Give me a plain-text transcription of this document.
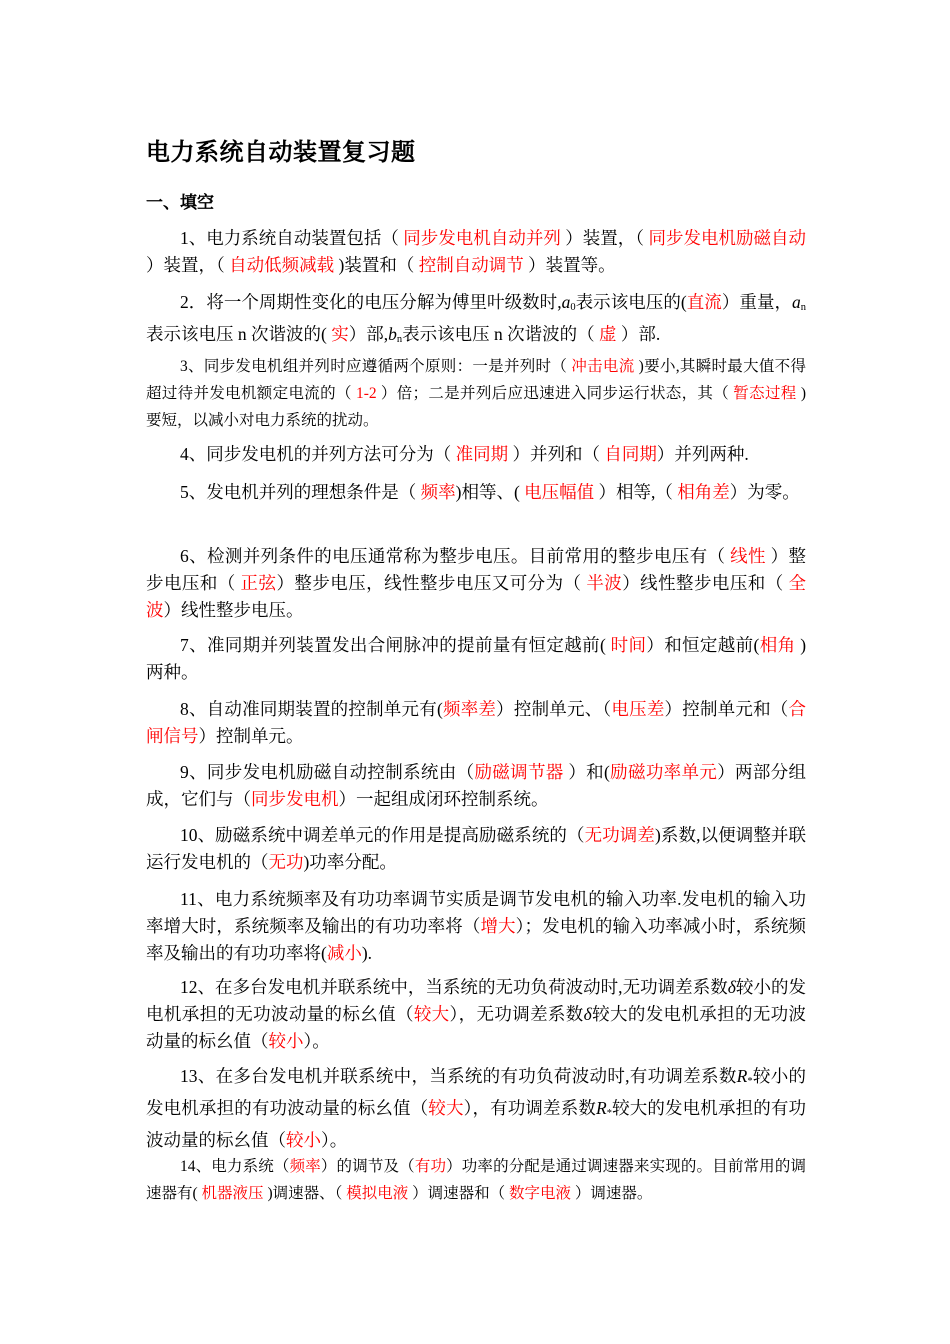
电力系统自动装置复习题
一、填空

1、电力系统自动装置包括（ 同步发电机自动并列 ）装置，（ 同步发电机励磁自动 ）装置，（ 自动低频减载 )装置和（ 控制自动调节 ）装置等。

2．将一个周期性变化的电压分解为傅里叶级数时$,a_0$表示该电压的(直流）重量，$a_n$表示该电压 n 次谐波的( 实）部$,b_n$表示该电压 n 次谐波的（ 虚 ）部.

3、同步发电机组并列时应遵循两个原则：一是并列时（ 冲击电流 )要小,其瞬时最大值不得超过待并发电机额定电流的（ 1-2 ）倍；二是并列后应迅速进入同步运行状态，其（ 暂态过程 )要短，以减小对电力系统的扰动。

4、同步发电机的并列方法可分为（ 准同期 ）并列和（ 自同期）并列两种.

5、发电机并列的理想条件是（ 频率)相等、( 电压幅值 ）相等,（ 相角差）为零。

6、检测并列条件的电压通常称为整步电压。目前常用的整步电压有（ 线性 ）整步电压和（ 正弦）整步电压，线性整步电压又可分为（ 半波）线性整步电压和（ 全波）线性整步电压。

7、准同期并列装置发出合闸脉冲的提前量有恒定越前( 时间）和恒定越前(相角 )两种。

8、自动准同期装置的控制单元有(频率差）控制单元、（电压差）控制单元和（合闸信号）控制单元。

9、同步发电机励磁自动控制系统由（励磁调节器 ）和(励磁功率单元）两部分组成，它们与（同步发电机）一起组成闭环控制系统。

10、励磁系统中调差单元的作用是提高励磁系统的（无功调差)系数,以便调整并联运行发电机的（无功)功率分配。

11、电力系统频率及有功功率调节实质是调节发电机的输入功率.发电机的输入功率增大时，系统频率及输出的有功功率将（增大）；发电机的输入功率减小时，系统频率及输出的有功功率将(减小).

12、在多台发电机并联系统中，当系统的无功负荷波动时,无功调差系数δ较小的发电机承担的无功波动量的标幺值（较大），无功调差系数δ较大的发电机承担的无功波动量的标幺值（较小）。

13、在多台发电机并联系统中，当系统的有功负荷波动时,有功调差系数$R_*$较小的发电机承担的有功波动量的标幺值（较大），有功调差系数$R_*$较大的发电机承担的有功波动量的标幺值（较小）。

14、电力系统（频率）的调节及（有功）功率的分配是通过调速器来实现的。目前常用的调速器有( 机器液压 )调速器、（ 模拟电液 ）调速器和（ 数字电液 ）调速器。
